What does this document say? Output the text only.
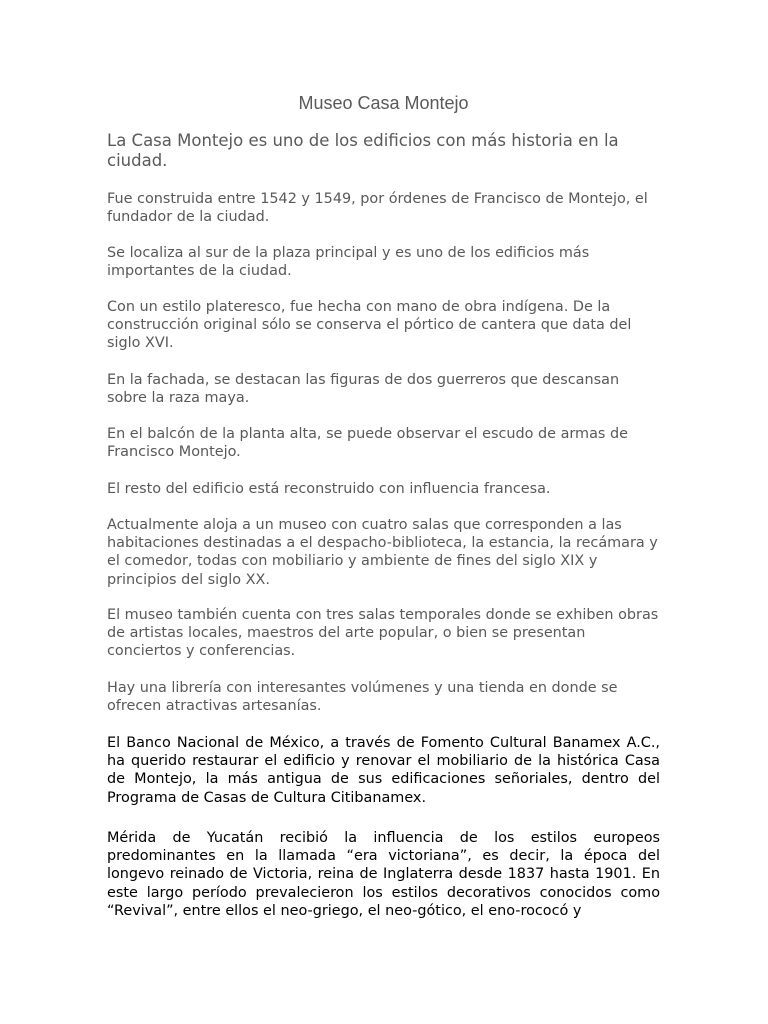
Museo Casa Montejo

La Casa Montejo es uno de los edificios con más historia en la ciudad.

Fue construida entre 1542 y 1549, por órdenes de Francisco de Montejo, el fundador de la ciudad.

Se localiza al sur de la plaza principal y es uno de los edificios más importantes de la ciudad.

Con un estilo plateresco, fue hecha con mano de obra indígena. De la construcción original sólo se conserva el pórtico de cantera que data del siglo XVI.

En la fachada, se destacan las figuras de dos guerreros que descansan sobre la raza maya.

En el balcón de la planta alta, se puede observar el escudo de armas de Francisco Montejo.

El resto del edificio está reconstruido con influencia francesa.

Actualmente aloja a un museo con cuatro salas que corresponden a las habitaciones destinadas a el despacho-biblioteca, la estancia, la recámara y el comedor, todas con mobiliario y ambiente de fines del siglo XIX y principios del siglo XX.

El museo también cuenta con tres salas temporales donde se exhiben obras de artistas locales, maestros del arte popular, o bien se presentan conciertos y conferencias.

Hay una librería con interesantes volúmenes y una tienda en donde se ofrecen atractivas artesanías.

El Banco Nacional de México, a través de Fomento Cultural Banamex A.C., ha querido restaurar el edificio y renovar el mobiliario de la histórica Casa de Montejo, la más antigua de sus edificaciones señoriales, dentro del Programa de Casas de Cultura Citibanamex.

Mérida de Yucatán recibió la influencia de los estilos europeos predominantes en la llamada “era victoriana”, es decir, la época del longevo reinado de Victoria, reina de Inglaterra desde 1837 hasta 1901. En este largo período prevalecieron los estilos decorativos conocidos como “Revival”, entre ellos el neo-griego, el neo-gótico, el eno-rococó y
